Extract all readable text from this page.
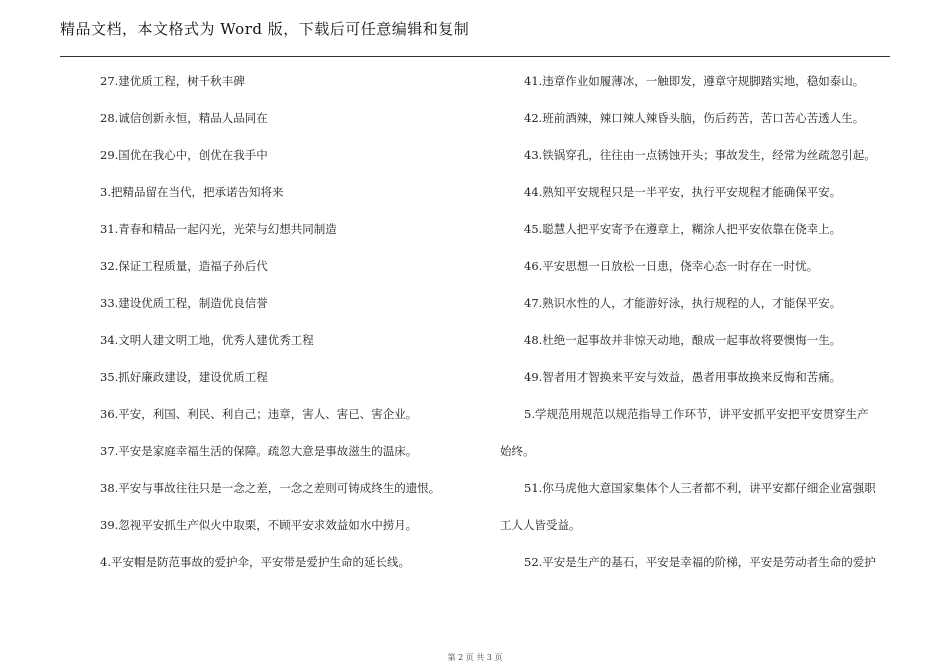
精品文档，本文格式为 Word 版，下载后可任意编辑和复制
27.建优质工程，树千秋丰碑
28.诚信创新永恒，精品人品同在
29.国优在我心中，创优在我手中
3.把精品留在当代，把承诺告知将来
31.青春和精品一起闪光，光荣与幻想共同制造
32.保证工程质量，造福子孙后代
33.建设优质工程，制造优良信誉
34.文明人建文明工地，优秀人建优秀工程
35.抓好廉政建设，建设优质工程
36.平安，利国、利民、利自己；违章，害人、害已、害企业。
37.平安是家庭幸福生活的保障。疏忽大意是事故滋生的温床。
38.平安与事故往往只是一念之差，一念之差则可铸成终生的遗恨。
39.忽视平安抓生产似火中取栗，不顾平安求效益如水中捞月。
4.平安帽是防范事故的爱护伞，平安带是爱护生命的延长线。
41.违章作业如履薄冰，一触即发，遵章守规脚踏实地，稳如泰山。
42.班前酒辣，辣口辣人辣昏头脑，伤后药苦，苦口苦心苦透人生。
43.铁锅穿孔，往往由一点锈蚀开头；事故发生，经常为丝疏忽引起。
44.熟知平安规程只是一半平安，执行平安规程才能确保平安。
45.聪慧人把平安寄予在遵章上，糊涂人把平安依靠在侥幸上。
46.平安思想一日放松一日患，侥幸心态一时存在一时忧。
47.熟识水性的人，才能游好泳，执行规程的人，才能保平安。
48.杜绝一起事故并非惊天动地，酿成一起事故将要懊悔一生。
49.智者用才智换来平安与效益，愚者用事故换来反悔和苦痛。
5.学规范用规范以规范指导工作环节，讲平安抓平安把平安贯穿生产
始终。
51.你马虎他大意国家集体个人三者都不利，讲平安都仔细企业富强职
工人人皆受益。
52.平安是生产的基石，平安是幸福的阶梯，平安是劳动者生命的爱护
第 2 页 共 3 页
